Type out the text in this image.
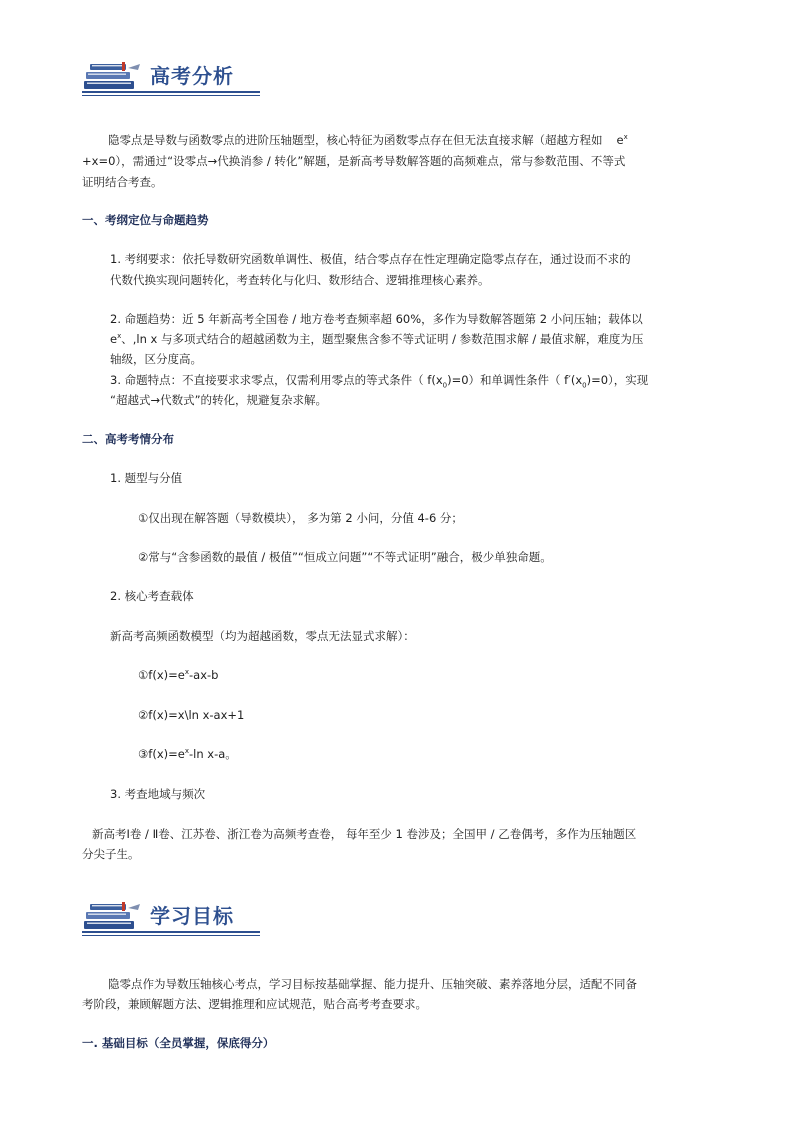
高考分析
隐零点是导数与函数零点的进阶压轴题型，核心特征为函数零点存在但无法直接求解（超越方程如 $e^x$
+x=0），需通过“设零点→代换消参 / 转化”解题，是新高考导数解答题的高频难点，常与参数范围、不等式
证明结合考查。
一、考纲定位与命题趋势
1. 考纲要求：依托导数研究函数单调性、极值，结合零点存在性定理确定隐零点存在，通过设而不求的
代数代换实现问题转化，考查转化与化归、数形结合、逻辑推理核心素养。
2. 命题趋势：近 5 年新高考全国卷 / 地方卷考查频率超 60%，多作为导数解答题第 2 小问压轴；载体以
$e^x$、,ln x 与多项式结合的超越函数为主，题型聚焦含参不等式证明 / 参数范围求解 / 最值求解，难度为压
轴级，区分度高。
3. 命题特点：不直接要求求零点，仅需利用零点的等式条件（ $f(x_0)=0$）和单调性条件（ $f'(x_0)=0$），实现
“超越式→代数式”的转化，规避复杂求解。
二、高考考情分布
1. 题型与分值
①仅出现在解答题（导数模块）， 多为第 2 小问，分值 4-6 分；
②常与“含参函数的最值 / 极值”“恒成立问题”“不等式证明”融合，极少单独命题。
2. 核心考查载体
新高考高频函数模型（均为超越函数，零点无法显式求解）：
$①f(x)=e^x-ax-b$
②f(x)=x\ln x-ax+1
$③f(x)=e^x-\ln$ x-a。
3. 考查地域与频次
新高考Ⅰ卷 / Ⅱ卷、江苏卷、浙江卷为高频考查卷， 每年至少 1 卷涉及；全国甲 / 乙卷偶考，多作为压轴题区
分尖子生。
学习目标
隐零点作为导数压轴核心考点，学习目标按基础掌握、能力提升、压轴突破、素养落地分层，适配不同备
考阶段，兼顾解题方法、逻辑推理和应试规范，贴合高考考查要求。
一. 基础目标（全员掌握，保底得分）
